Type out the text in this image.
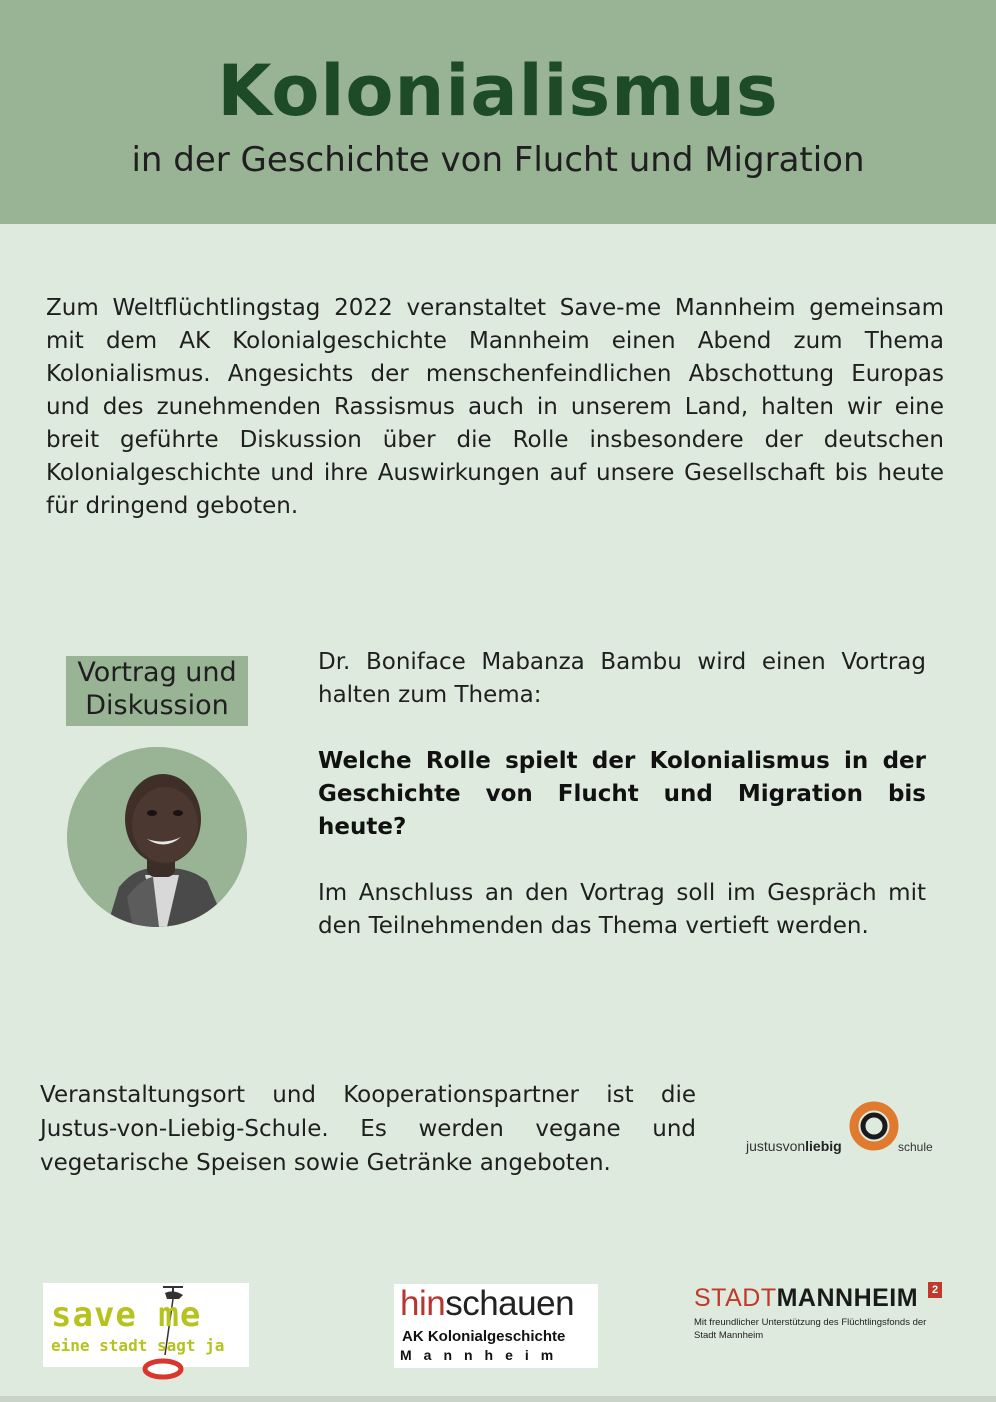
Kolonialismus
in der Geschichte von Flucht und Migration
Zum Weltflüchtlingstag 2022 veranstaltet Save-me Mannheim gemeinsam mit dem AK Kolonialgeschichte Mannheim einen Abend zum Thema Kolonialismus. Angesichts der menschenfeindlichen Abschottung Europas und des zunehmenden Rassismus auch in unserem Land, halten wir eine breit geführte Diskussion über die Rolle insbesondere der deutschen Kolonialgeschichte und ihre Auswirkungen auf unsere Gesellschaft bis heute für dringend geboten.
Vortrag und
Diskussion

Dr. Boniface Mabanza Bambu wird einen Vortrag halten zum Thema:

Welche Rolle spielt der Kolonialismus in der Geschichte von Flucht und Migration bis heute?

Im Anschluss an den Vortrag soll im Gespräch mit den Teilnehmenden das Thema vertieft werden.

Veranstaltungsort und Kooperationspartner ist die Justus-von-Liebig-Schule. Es werden vegane und vegetarische Speisen sowie Getränke angeboten.
justusvonliebig	schule
save me
eine stadt sagt ja
hinschauen
AK Kolonialgeschichte
Mannheim
STADTMANNHEIM	2
Mit freundlicher Unterstützung des Flüchtlingsfonds der Stadt Mannheim
